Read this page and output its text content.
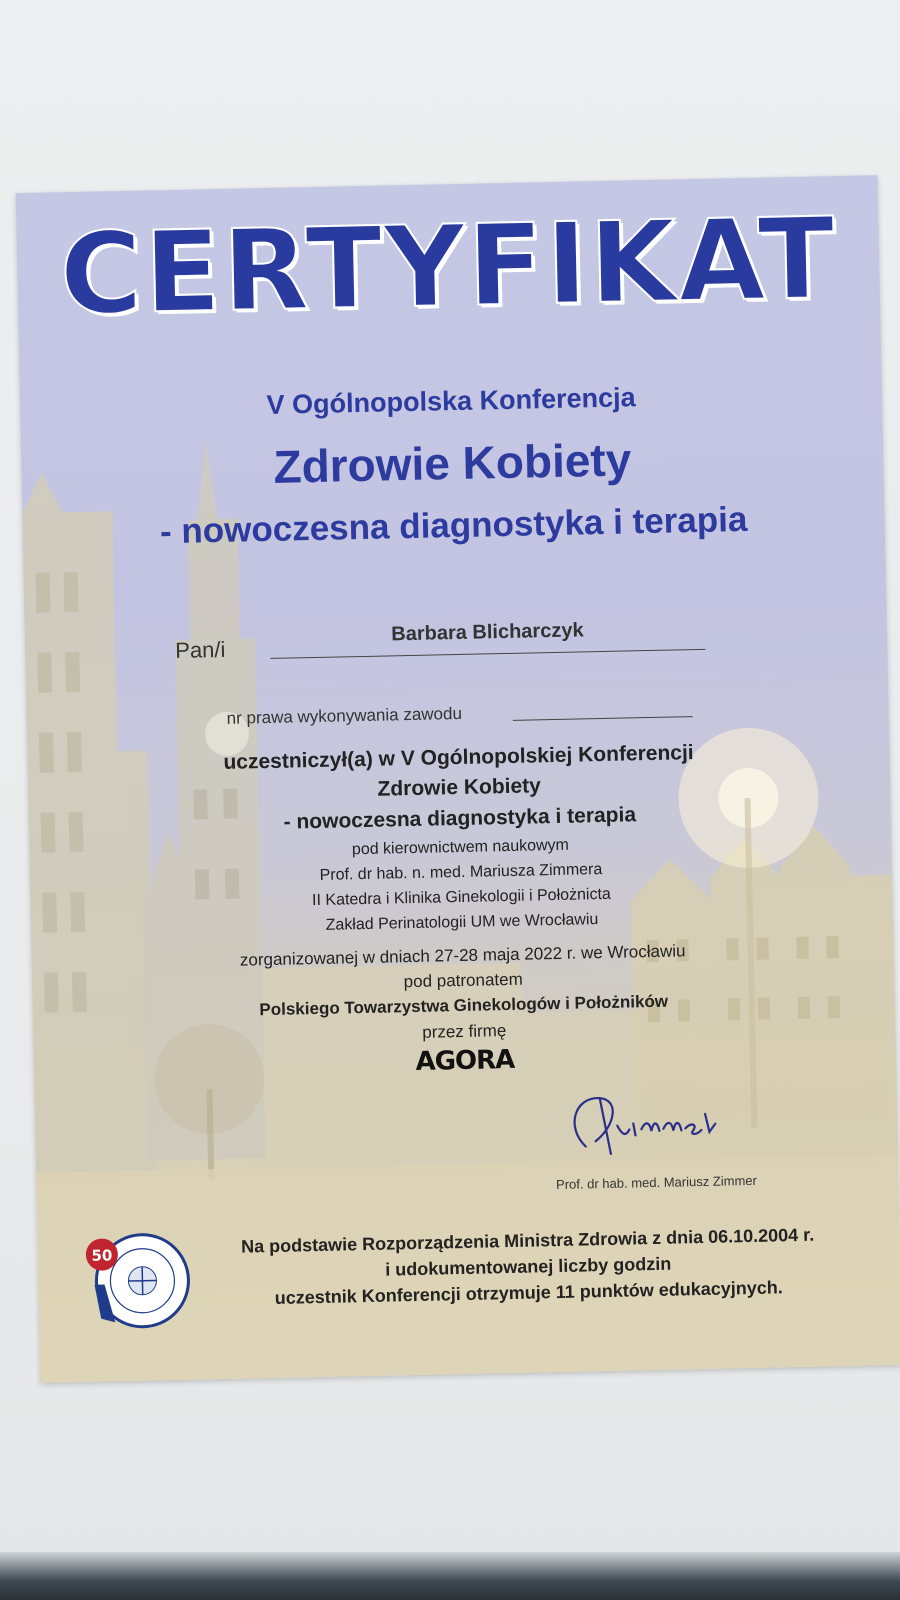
CERTYFIKAT
V Ogólnopolska Konferencja
Zdrowie Kobiety
- nowoczesna diagnostyka i terapia
Pan/i
Barbara Blicharczyk
nr prawa wykonywania zawodu
uczestniczył(a) w V Ogólnopolskiej Konferencji
Zdrowie Kobiety
- nowoczesna diagnostyka i terapia
pod kierownictwem naukowym
Prof. dr hab. n. med. Mariusza Zimmera
II Katedra i Klinika Ginekologii i Położnicta
Zakład Perinatologii UM we Wrocławiu
zorganizowanej w dniach 27-28 maja 2022 r. we Wrocławiu
pod patronatem
Polskiego Towarzystwa Ginekologów i Położników
przez firmę
AGORA
Prof. dr hab. med. Mariusz Zimmer
50	Na podstawie Rozporządzenia Ministra Zdrowia z dnia 06.10.2004 r.
i udokumentowanej liczby godzin
uczestnik Konferencji otrzymuje 11 punktów edukacyjnych.
